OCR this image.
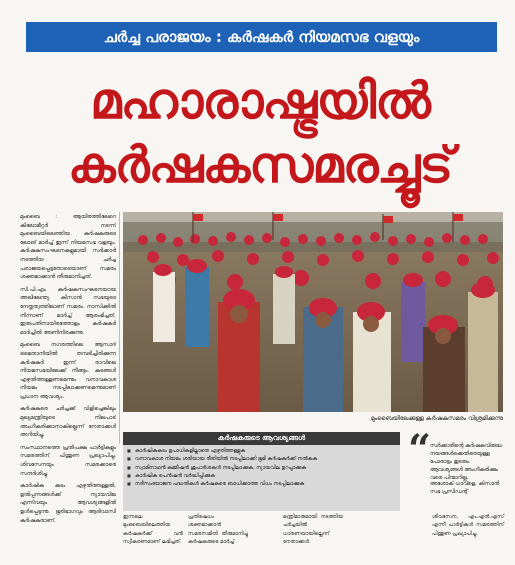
ചർച്ച പരാജയം : കർഷകർ നിയമസഭ വളയും
മഹാരാഷ്ട്രയിൽ
കർഷകസമരച്ചൂട്

മുംബൈ : ആയിരത്തിലേറെ കിലോമീറ്റർ നടന്ന് മുംബൈയിലെത്തിയ കർഷകരുടെ ലോങ് മാർച്ച് ഇന്ന് നിയമസഭ വളയും. കർഷകസംഘടനകളുമായി സർക്കാർ നടത്തിയ ചർച്ച പരാജയപ്പെട്ടതോടെയാണ് സമരം ശക്തമാക്കാൻ തീരുമാനിച്ചത്.

സി.പി.എം കർഷകസംഘടനയായ അഖിലേന്ത്യ കിസാൻ സഭയുടെ നേതൃത്വത്തിലാണ് സമരം. നാസിക്കിൽ നിന്നാണ് മാർച്ച് ആരംഭിച്ചത്. ഇരുപതിനായിരത്തോളം കർഷകർ മാർച്ചിൽ അണിനിരക്കുന്നു.

മുംബൈ നഗരത്തിലെ ആസാദ് മൈതാനിയിൽ തമ്പടിച്ചിരിക്കുന്ന കർഷകർ ഇന്ന് രാവിലെ നിയമസഭയിലേക്ക് നീങ്ങും. കടങ്ങൾ എഴുതിത്തള്ളണമെന്നും വനാവകാശ നിയമം നടപ്പിലാക്കണമെന്നുമാണ് പ്രധാന ആവശ്യം.

കർഷകരെ ചർച്ചക്ക് വിളിച്ചെങ്കിലും മുഖ്യമന്ത്രിയുടെ നിലപാട് അംഗീകരിക്കാനാകില്ലെന്ന് നേതാക്കൾ അറിയിച്ചു.

സംസ്ഥാനത്തെ പ്രതിപക്ഷ പാർട്ടികളും സമരത്തിന് പിന്തുണ പ്രഖ്യാപിച്ചു. ശിവസേനയും സമരക്കാരെ സന്ദർശിച്ചു.

കാർഷിക കടം എഴുതിത്തള്ളൽ, ഉൽപ്പന്നങ്ങൾക്ക് ന്യായവില എന്നിവയും ആവശ്യങ്ങളിൽ ഉൾപ്പെടുന്നു. ഭൂരിഭാഗവും ആദിവാസി കർഷകരാണ്.

മുംബൈയിലേക്കുള്ള കർഷകസമരം വിശ്രമിക്കുന്നു
കർഷകരുടെ ആവശ്യങ്ങൾ
■ കാർഷികകടം ഉപാധികളില്ലാതെ എഴുതിത്തള്ളുക
■ വനാവകാശ നിയമം ശരിയായ രീതിയിൽ നടപ്പിലാക്കി ഭൂമി കർഷകർക്ക് നൽകുക
■ സ്വാമിനാഥൻ കമ്മീഷൻ ശുപാർശകൾ നടപ്പിലാക്കുക, ന്യായവില ഉറപ്പാക്കുക
■ കാർഷിക പെൻഷൻ വർദ്ധിപ്പിക്കുക
■ നദീസംയോജന പദ്ധതികൾ കർഷകരെ ബാധിക്കാത്ത വിധം നടപ്പിലാക്കുക
“
സർക്കാരിന്റെ കർഷകവിരുദ്ധ നയങ്ങൾക്കെതിരെയുള്ള പോരാട്ടം തുടരും. ആവശ്യങ്ങൾ അംഗീകരിക്കും വരെ പിന്മാറില്ല.
അശോക് ധാവ്ളെ, കിസാൻ സഭ പ്രസിഡന്റ്
ഇന്നലെ മുംബൈയിലെത്തിയ കർഷകർക്ക് വൻ സ്വീകരണമാണ് ലഭിച്ചത്.
പ്രതിഷേധം ശക്തമാക്കാൻ സമരസമിതി തീരുമാനിച്ചു കർഷകരുടെ മാർച്ച്.
മന്ത്രിമാരുമായി നടത്തിയ ചർച്ചയിൽ ധാരണയായില്ലെന്ന് നേതാക്കൾ.
ശിവസേന, എം.എൻ.എസ് എന്നീ പാർട്ടികൾ സമരത്തിന് പിന്തുണ പ്രഖ്യാപിച്ചു.
